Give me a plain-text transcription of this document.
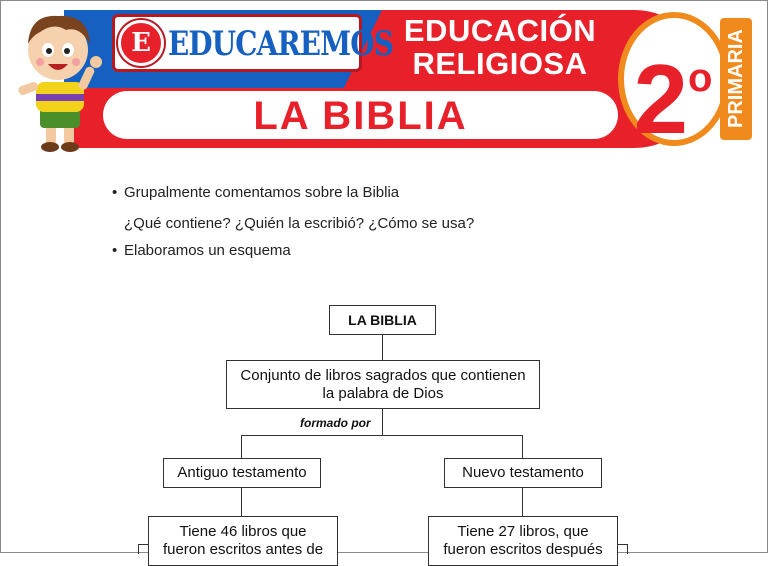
E EDUCAREMOS EDUCACIÓN
RELIGIOSA
LA BIBLIA	2$^o$ PRIMARIA
• Grupalmente comentamos sobre la Biblia
¿Qué contiene? ¿Quién la escribió? ¿Cómo se usa?
• Elaboramos un esquema
formado por
LA BIBLIA
Conjunto de libros sagrados que contienen
la palabra de Dios
Antiguo testamento	Nuevo testamento
Tiene 46 libros que
fueron escritos antes de
Tiene 27 libros, que
fueron escritos después
